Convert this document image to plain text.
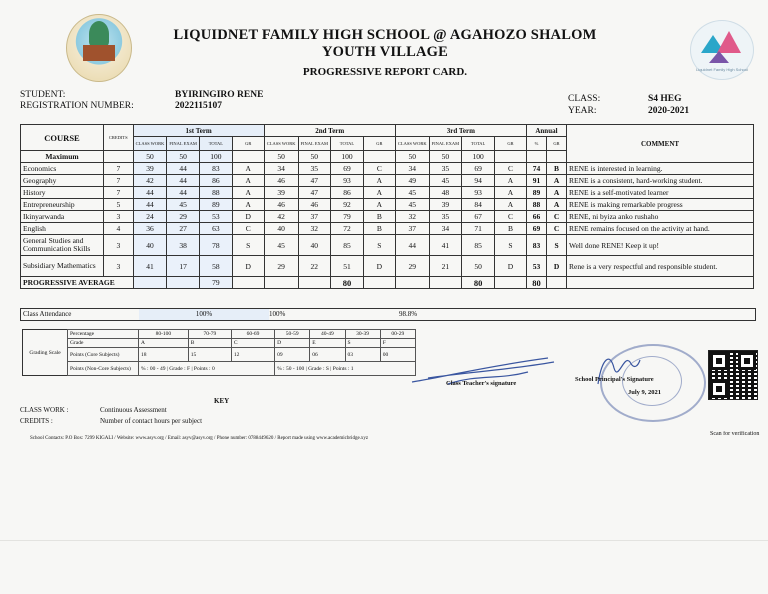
Liquidnet Family High School
LIQUIDNET FAMILY HIGH SCHOOL @ AGAHOZO SHALOM
YOUTH VILLAGE
PROGRESSIVE REPORT CARD.
STUDENT:	BYIRINGIRO RENE
REGISTRATION NUMBER:	2022115107
CLASS:	S4 HEG
YEAR:	2020-2021
COURSE	CREDITS	1st Term				2nd Term				3rd Term				Annual		COMMENT
		CLASS WORK	FINAL EXAM	TOTAL	GR	CLASS WORK	FINAL EXAM	TOTAL	GR	CLASS WORK	FINAL EXAM	TOTAL	GR	%	GR	
Maximum		50	50	100		50	50	100		50	50	100				
Economics	7	39	44	83	A	34	35	69	C	34	35	69	C	74	B	RENE is interested in learning.
Geography	7	42	44	86	A	46	47	93	A	49	45	94	A	91	A	RENE is a consistent, hard-working student.
History	7	44	44	88	A	39	47	86	A	45	48	93	A	89	A	RENE is a self-motivated learner
Entrepreneurship	5	44	45	89	A	46	46	92	A	45	39	84	A	88	A	RENE is making remarkable progress
Ikinyarwanda	3	24	29	53	D	42	37	79	B	32	35	67	C	66	C	RENE, ni byiza anko rushaho
English	4	36	27	63	C	40	32	72	B	37	34	71	B	69	C	RENE remains focused on the activity at hand.
General Studies and Communication Skills	3	40	38	78	S	45	40	85	S	44	41	85	S	83	S	Well done RENE! Keep it up!
Subsidiary Mathematics	3	41	17	58	D	29	22	51	D	29	21	50	D	53	D	Rene is a very respectful and responsible student.
PROGRESSIVE AVERAGE				79				80				80		80		
Class Attendance	100%	100%	98.8%
Grading Scale	Percentage	80-100	70-79	60-69	50-59	40-49	30-39	00-29
	Grade	A	B	C	D	E	S	F
	Points (Core Subjects)	18	15	12	09	06	03	00
	Points (Non-Core Subjects)	% : 00 - 49 | Grade : F | Points : 0			% : 50 - 100 | Grade : S | Points : 1			
KEY
Class Teacher's signature
School Principal's Signature
July 9, 2021
Scan for verification
CLASS WORK :	Continuous Assessment
CREDITS :	Number of contact hours per subject
School Contacts: P.O Box: 7299 KIGALI / Website: www.asyv.org / Email: asyv@asyv.org / Phone number: 0788449620 / Report made using www.academicbridge.xyz
